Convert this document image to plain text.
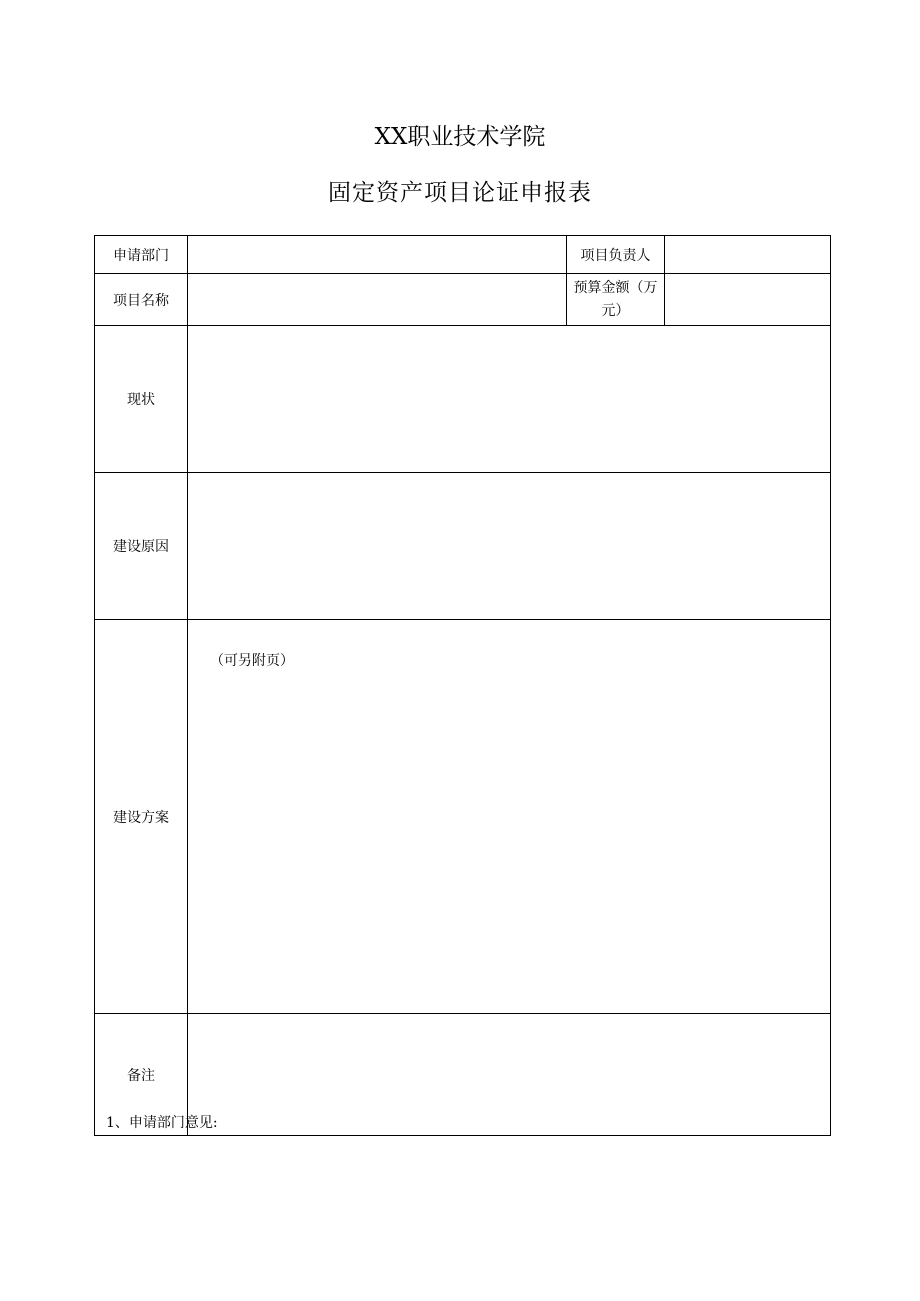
XX职业技术学院
固定资产项目论证申报表
申请部门		项目负责人	
项目名称		预算金额（万元）	
现状			
建设原因			
建设方案	（可另附页）		
备注			
1、申请部门意见:
